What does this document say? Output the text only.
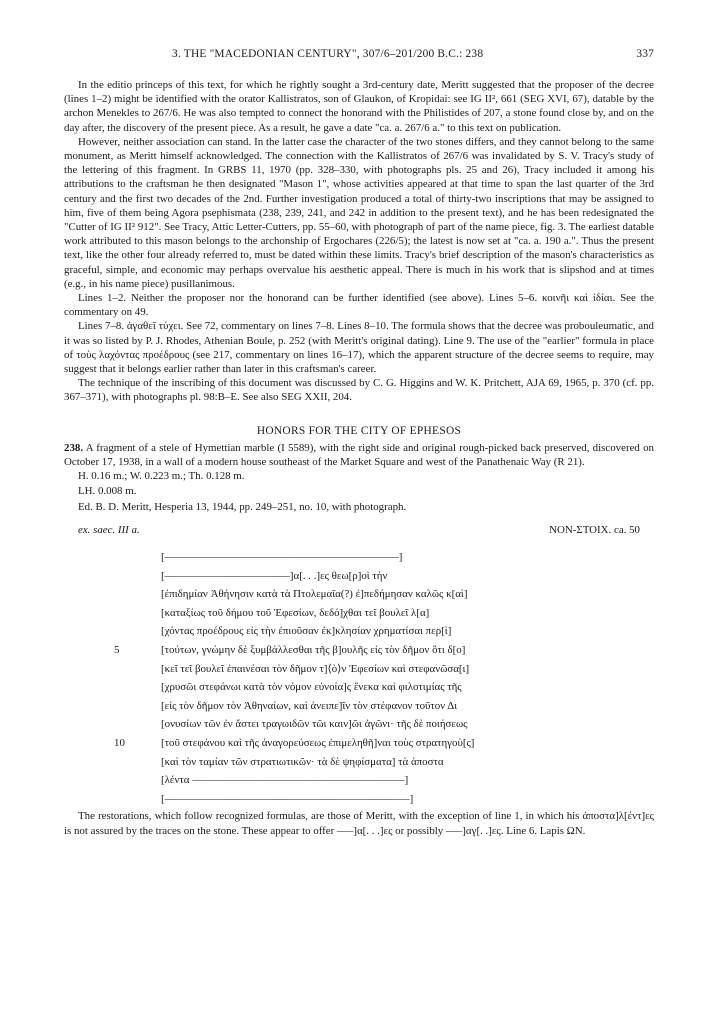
3. THE "MACEDONIAN CENTURY", 307/6–201/200 B.C.: 238	337

In the editio princeps of this text, for which he rightly sought a 3rd-century date, Meritt suggested that the proposer of the decree (lines 1–2) might be identified with the orator Kallistratos, son of Glaukon, of Kropidai: see IG II², 661 (SEG XVI, 67), datable by the archon Menekles to 267/6. He was also tempted to connect the honorand with the Philistides of 207, a stone found close by, and on the day after, the discovery of the present piece. As a result, he gave a date "ca. a. 267/6 a." to this text on publication.

However, neither association can stand. In the latter case the character of the two stones differs, and they cannot belong to the same monument, as Meritt himself acknowledged. The connection with the Kallistratos of 267/6 was invalidated by S. V. Tracy's study of the lettering of this fragment. In GRBS 11, 1970 (pp. 328–330, with photographs pls. 25 and 26), Tracy included it among his attributions to the craftsman he then designated "Mason 1", whose activities appeared at that time to span the last quarter of the 3rd century and the first two decades of the 2nd. Further investigation produced a total of thirty-two inscriptions that may be assigned to him, five of them being Agora psephismata (238, 239, 241, and 242 in addition to the present text), and he has been redesignated the "Cutter of IG II² 912". See Tracy, Attic Letter-Cutters, pp. 55–60, with photograph of part of the name piece, fig. 3. The earliest datable work attributed to this mason belongs to the archonship of Ergochares (226/5); the latest is now set at "ca. a. 190 a.". Thus the present text, like the other four already referred to, must be dated within these limits. Tracy's brief description of the mason's characteristics as graceful, simple, and economic may perhaps overvalue his aesthetic appeal. There is much in his work that is slipshod and at times (e.g., in his name piece) pusillanimous.

Lines 1–2. Neither the proposer nor the honorand can be further identified (see above). Lines 5–6. κοινῆι καὶ ἰδίαι. See the commentary on 49.

Lines 7–8. ἀγαθεῖ τύχει. See 72, commentary on lines 7–8. Lines 8–10. The formula shows that the decree was probouleumatic, and it was so listed by P. J. Rhodes, Athenian Boule, p. 252 (with Meritt's original dating). Line 9. The use of the "earlier" formula in place of τοὺς λαχόντας προέδρους (see 217, commentary on lines 16–17), which the apparent structure of the decree seems to require, may suggest that it belongs earlier rather than later in this craftsman's career.

The technique of the inscribing of this document was discussed by C. G. Higgins and W. K. Pritchett, AJA 69, 1965, p. 370 (cf. pp. 367–371), with photographs pl. 98:B–E. See also SEG XXII, 204.

HONORS FOR THE CITY OF EPHESOS

238. A fragment of a stele of Hymettian marble (I 5589), with the right side and original rough-picked back preserved, discovered on October 17, 1938, in a wall of a modern house southeast of the Market Square and west of the Panathenaic Way (R 21).

H. 0.16 m.; W. 0.223 m.; Th. 0.128 m.
LH. 0.008 m.
Ed. B. D. Meritt, Hesperia 13, 1944, pp. 249–251, no. 10, with photograph.
ex. saec. III a.	NON-ΣΤΟΙΧ. ca. 50
[–––––––––––––––––––––––––––––––––––––––––––]
[–––––––––––––––––––––––]α[. . .]ες θεω[ρ]οὶ τὴν
[ἐπιδημίαν Ἀθήνησιν κατὰ τὰ Πτολεμαῖα(?) ἐ]πεδήμησαν καλῶς κ[αὶ]
[καταξίως τοῦ δήμου τοῦ Ἐφεσίων, δεδό]χθαι τεῖ βουλεῖ λ[α]
[χόντας προέδρους εἰς τὴν ἐπιοῦσαν ἐκ]κλησίαν χρηματίσαι περ[ὶ]
5	[τούτων, γνώμην δὲ ξυμβάλλεσθαι τῆς β]ουλῆς εἰς τὸν δῆμον ὅτι δ[ο]
[κεῖ τεῖ βουλεῖ ἐπαινέσαι τὸν δῆμον τ]⟨ὸ⟩ν Ἐφεσίων καὶ στεφανῶσα[ι]
[χρυσῶι στεφάνωι κατὰ τὸν νόμον εὐνοία]ς ἕνεκα καὶ φιλοτιμίας τῆς
[εἰς τὸν δῆμον τὸν Ἀθηναίων, καὶ ἀνειπε]ῖν τὸν στέφανον τοῦτον Δι
[ονυσίων τῶν ἐν ἄστει τραγωιδῶν τῶι καιν]ῶι ἀγῶνι· τῆς δὲ ποιήσεως
10	[τοῦ στεφάνου καὶ τῆς ἀναγορεύσεως ἐπιμεληθῆ]ναι τοὺς στρατηγοὺ[ς]
[καὶ τὸν ταμίαν τῶν στρατιωτικῶν· τὰ δὲ ψηφίσματα] τὰ ἀποστα
[λέντα –––––––––––––––––––––––––––––––––––––––]
[–––––––––––––––––––––––––––––––––––––––––––––]

The restorations, which follow recognized formulas, are those of Meritt, with the exception of line 1, in which his ἀποστα]λ[έντ]ες is not assured by the traces on the stone. These appear to offer –––]α[. . .]ες or possibly –––]αγ[. .]ες. Line 6. Lapis ΩΝ.
